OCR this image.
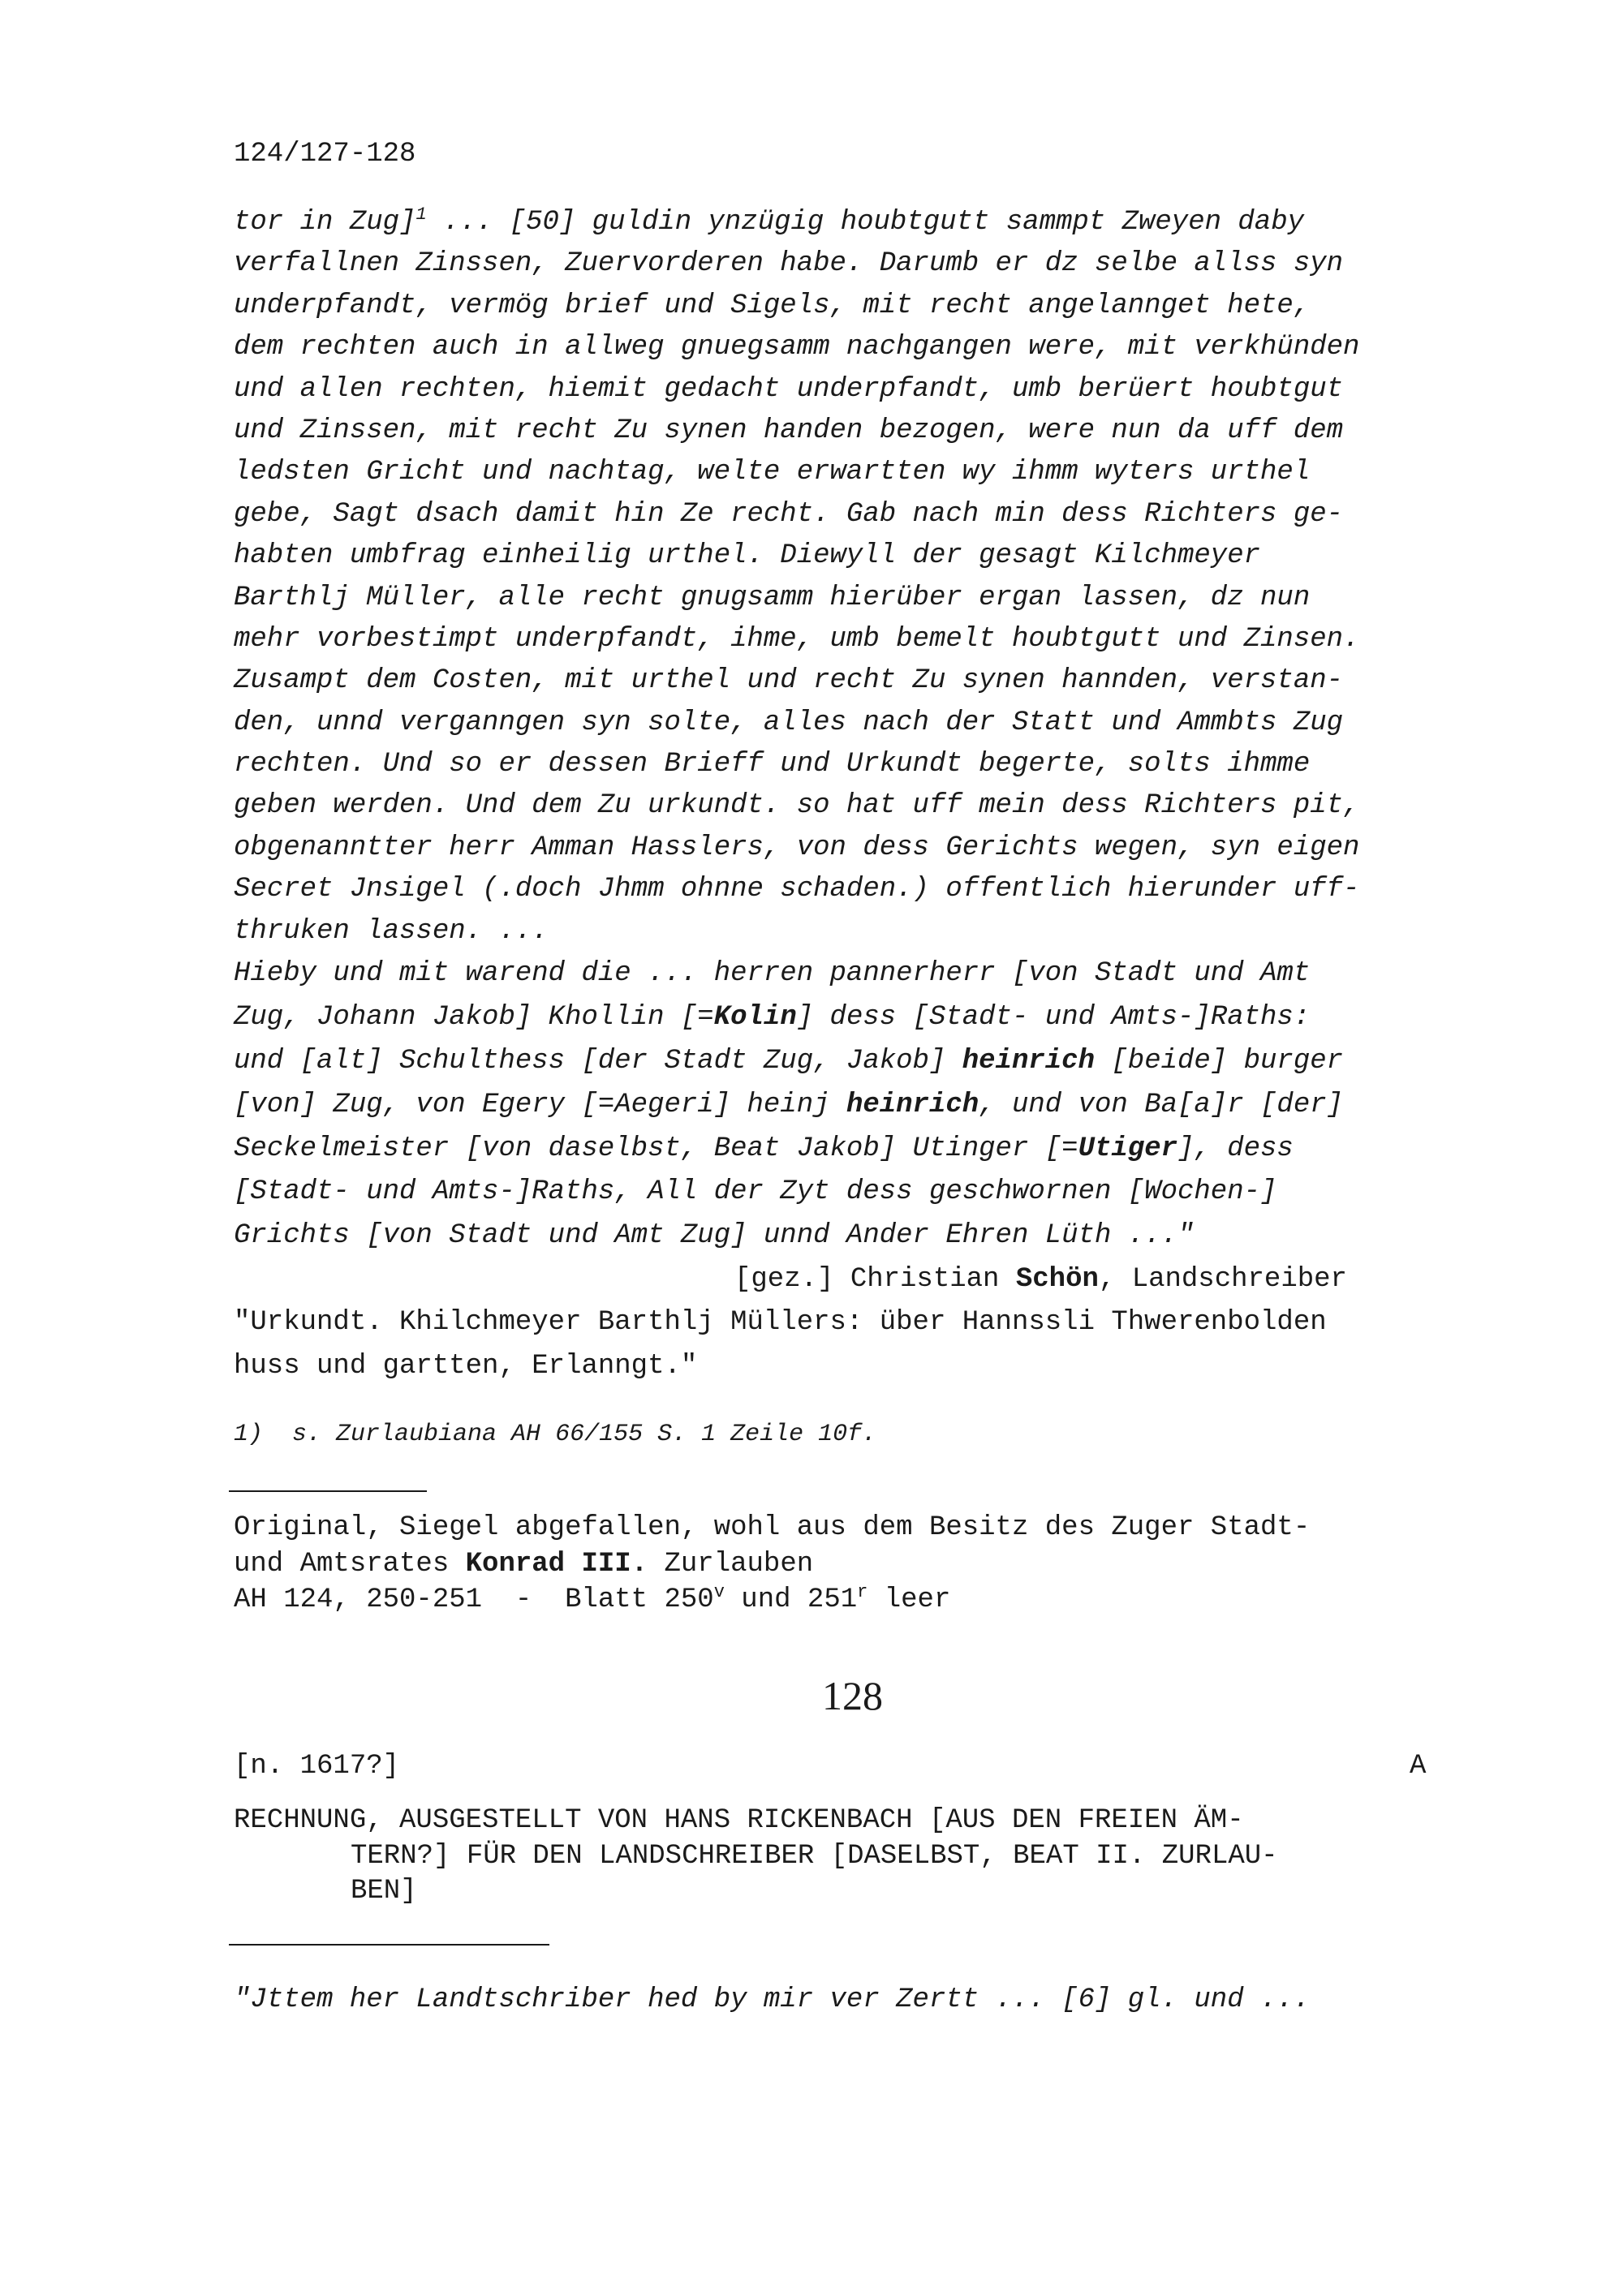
124/127-128
tor in Zug]$^1$ ... [50] guldin ynzügig houbtgutt sammpt Zweyen daby
verfallnen Zinssen, Zuervorderen habe. Darumb er dz selbe allss syn
underpfandt, vermög brief und Sigels, mit recht angelannget hete,
dem rechten auch in allweg gnuegsamm nachgangen were, mit verkhünden
und allen rechten, hiemit gedacht underpfandt, umb berüert houbtgut
und Zinssen, mit recht Zu synen handen bezogen, were nun da uff dem
ledsten Gricht und nachtag, welte erwartten wy ihmm wyters urthel
gebe, Sagt dsach damit hin Ze recht. Gab nach min dess Richters ge-
habten umbfrag einheilig urthel. Diewyll der gesagt Kilchmeyer
Barthlj Müller, alle recht gnugsamm hierüber ergan lassen, dz nun
mehr vorbestimpt underpfandt, ihme, umb bemelt houbtgutt und Zinsen.
Zusampt dem Costen, mit urthel und recht Zu synen hannden, verstan-
den, unnd verganngen syn solte, alles nach der Statt und Ammbts Zug
rechten. Und so er dessen Brieff und Urkundt begerte, solts ihmme
geben werden. Und dem Zu urkundt. so hat uff mein dess Richters pit,
obgenanntter herr Amman Hasslers, von dess Gerichts wegen, syn eigen
Secret Jnsigel (.doch Jhmm ohnne schaden.) offentlich hierunder uff-
thruken lassen. ...
Hieby und mit warend die ... herren pannerherr [von Stadt und Amt
Zug, Johann Jakob] Khollin [=Kolin] dess [Stadt- und Amts-]Raths:
und [alt] Schulthess [der Stadt Zug, Jakob] heinrich [beide] burger
[von] Zug, von Egery [=Aegeri] heinj heinrich, und von Ba[a]r [der]
Seckelmeister [von daselbst, Beat Jakob] Utinger [=Utiger], dess
[Stadt- und Amts-]Raths, All der Zyt dess geschwornen [Wochen-]
Grichts [von Stadt und Amt Zug] unnd Ander Ehren Lüth ..."
[gez.] Christian Schön, Landschreiber
"Urkundt. Khilchmeyer Barthlj Müllers: über Hannssli Thwerenbolden
huss und gartten, Erlanngt."
1)  s. Zurlaubiana AH 66/155 S. 1 Zeile 10f.
Original, Siegel abgefallen, wohl aus dem Besitz des Zuger Stadt-
und Amtsrates Konrad III. Zurlauben
AH 124, 250-251  -  Blatt 250$^v$ und 251$^r$ leer
128
[n. 1617?]	A
RECHNUNG, AUSGESTELLT VON HANS RICKENBACH [AUS DEN FREIEN ÄM-
TERN?] FÜR DEN LANDSCHREIBER [DASELBST, BEAT II. ZURLAU-
BEN]
"Jttem her Landtschriber hed by mir ver Zertt ... [6] gl. und ...
